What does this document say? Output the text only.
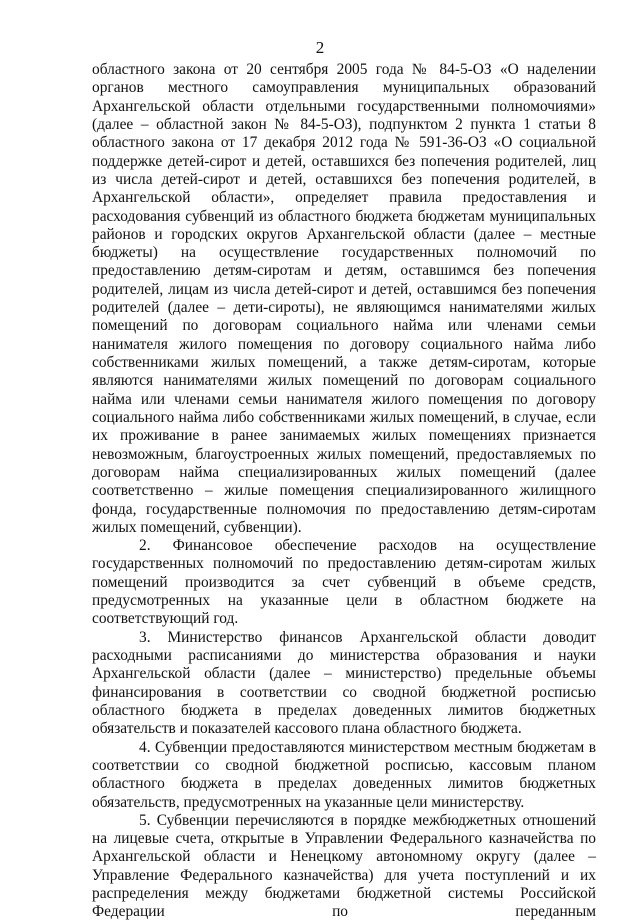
2

областного закона от 20 сентября 2005 года № 84-5-ОЗ «О наделении органов местного самоуправления муниципальных образований Архангельской области отдельными государственными полномочиями» (далее – областной закон № 84-5-ОЗ), подпунктом 2 пункта 1 статьи 8 областного закона от 17 декабря 2012 года № 591-36-ОЗ «О социальной поддержке детей-сирот и детей, оставшихся без попечения родителей, лиц из числа детей-сирот и детей, оставшихся без попечения родителей, в Архангельской области», определяет правила предоставления и расходования субвенций из областного бюджета бюджетам муниципальных районов и городских округов Архангельской области (далее – местные бюджеты) на осуществление государственных полномочий по предоставлению детям-сиротам и детям, оставшимся без попечения родителей, лицам из числа детей-сирот и детей, оставшимся без попечения родителей (далее – дети-сироты), не являющимся нанимателями жилых помещений по договорам социального найма или членами семьи нанимателя жилого помещения по договору социального найма либо собственниками жилых помещений, а также детям-сиротам, которые являются нанимателями жилых помещений по договорам социального найма или членами семьи нанимателя жилого помещения по договору социального найма либо собственниками жилых помещений, в случае, если их проживание в ранее занимаемых жилых помещениях признается невозможным, благоустроенных жилых помещений, предоставляемых по договорам найма специализированных жилых помещений (далее соответственно – жилые помещения специализированного жилищного фонда, государственные полномочия по предоставлению детям-сиротам жилых помещений, субвенции).

2. Финансовое обеспечение расходов на осуществление государственных полномочий по предоставлению детям-сиротам жилых помещений производится за счет субвенций в объеме средств, предусмотренных на указанные цели в областном бюджете на соответствующий год.

3. Министерство финансов Архангельской области доводит расходными расписаниями до министерства образования и науки Архангельской области (далее – министерство) предельные объемы финансирования в соответствии со сводной бюджетной росписью областного бюджета в пределах доведенных лимитов бюджетных обязательств и показателей кассового плана областного бюджета.

4. Субвенции предоставляются министерством местным бюджетам в соответствии со сводной бюджетной росписью, кассовым планом областного бюджета в пределах доведенных лимитов бюджетных обязательств, предусмотренных на указанные цели министерству.

5. Субвенции перечисляются в порядке межбюджетных отношений на лицевые счета, открытые в Управлении Федерального казначейства по Архангельской области и Ненецкому автономному округу (далее – Управление Федерального казначейства) для учета поступлений и их распределения между бюджетами бюджетной системы Российской Федерации по переданным
